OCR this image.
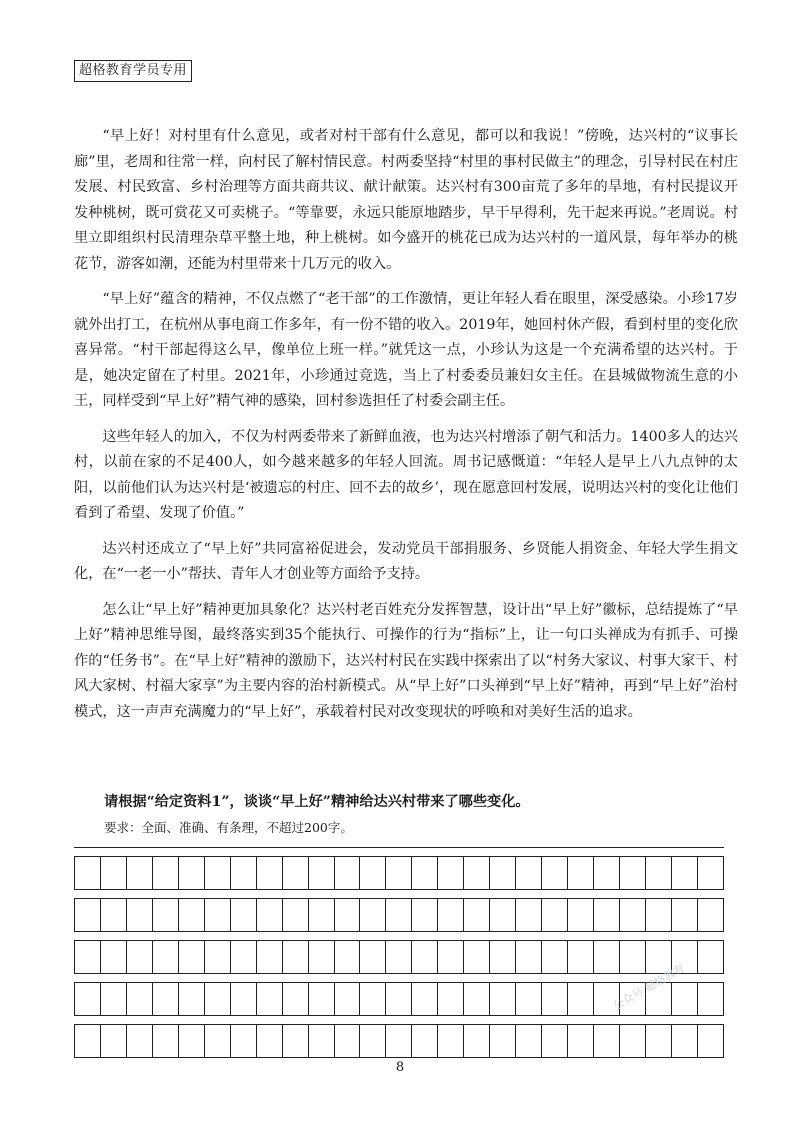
超格教育学员专用

“早上好！对村里有什么意见，或者对村干部有什么意见，都可以和我说！”傍晚，达兴村的“议事长廊”里，老周和往常一样，向村民了解村情民意。村两委坚持“村里的事村民做主”的理念，引导村民在村庄发展、村民致富、乡村治理等方面共商共议、献计献策。达兴村有300亩荒了多年的旱地，有村民提议开发种桃树，既可赏花又可卖桃子。“等靠要，永远只能原地踏步，早干早得利，先干起来再说。”老周说。村里立即组织村民清理杂草平整土地，种上桃树。如今盛开的桃花已成为达兴村的一道风景，每年举办的桃花节，游客如潮，还能为村里带来十几万元的收入。

“早上好”蕴含的精神，不仅点燃了“老干部”的工作激情，更让年轻人看在眼里，深受感染。小珍17岁就外出打工，在杭州从事电商工作多年，有一份不错的收入。2019年，她回村休产假，看到村里的变化欣喜异常。“村干部起得这么早，像单位上班一样。”就凭这一点，小珍认为这是一个充满希望的达兴村。于是，她决定留在了村里。2021年，小珍通过竞选，当上了村委委员兼妇女主任。在县城做物流生意的小王，同样受到“早上好”精气神的感染，回村参选担任了村委会副主任。

这些年轻人的加入，不仅为村两委带来了新鲜血液，也为达兴村增添了朝气和活力。1400多人的达兴村，以前在家的不足400人，如今越来越多的年轻人回流。周书记感慨道：“年轻人是早上八九点钟的太阳，以前他们认为达兴村是‘被遗忘的村庄、回不去的故乡’，现在愿意回村发展，说明达兴村的变化让他们看到了希望、发现了价值。”

达兴村还成立了“早上好”共同富裕促进会，发动党员干部捐服务、乡贤能人捐资金、年轻大学生捐文化，在“一老一小”帮扶、青年人才创业等方面给予支持。

怎么让“早上好”精神更加具象化？达兴村老百姓充分发挥智慧，设计出“早上好”徽标，总结提炼了“早上好”精神思维导图，最终落实到35个能执行、可操作的行为“指标”上，让一句口头禅成为有抓手、可操作的“任务书”。在“早上好”精神的激励下，达兴村村民在实践中探索出了以“村务大家议、村事大家干、村风大家树、村福大家享”为主要内容的治村新模式。从“早上好”口头禅到“早上好”精神，再到“早上好”治村模式，这一声声充满魔力的“早上好”，承载着村民对改变现状的呼唤和对美好生活的追求。

请根据“给定资料1”，谈谈“早上好”精神给达兴村带来了哪些变化。

要求：全面、准确、有条理，不超过200字。

公众号 超格教育
8
